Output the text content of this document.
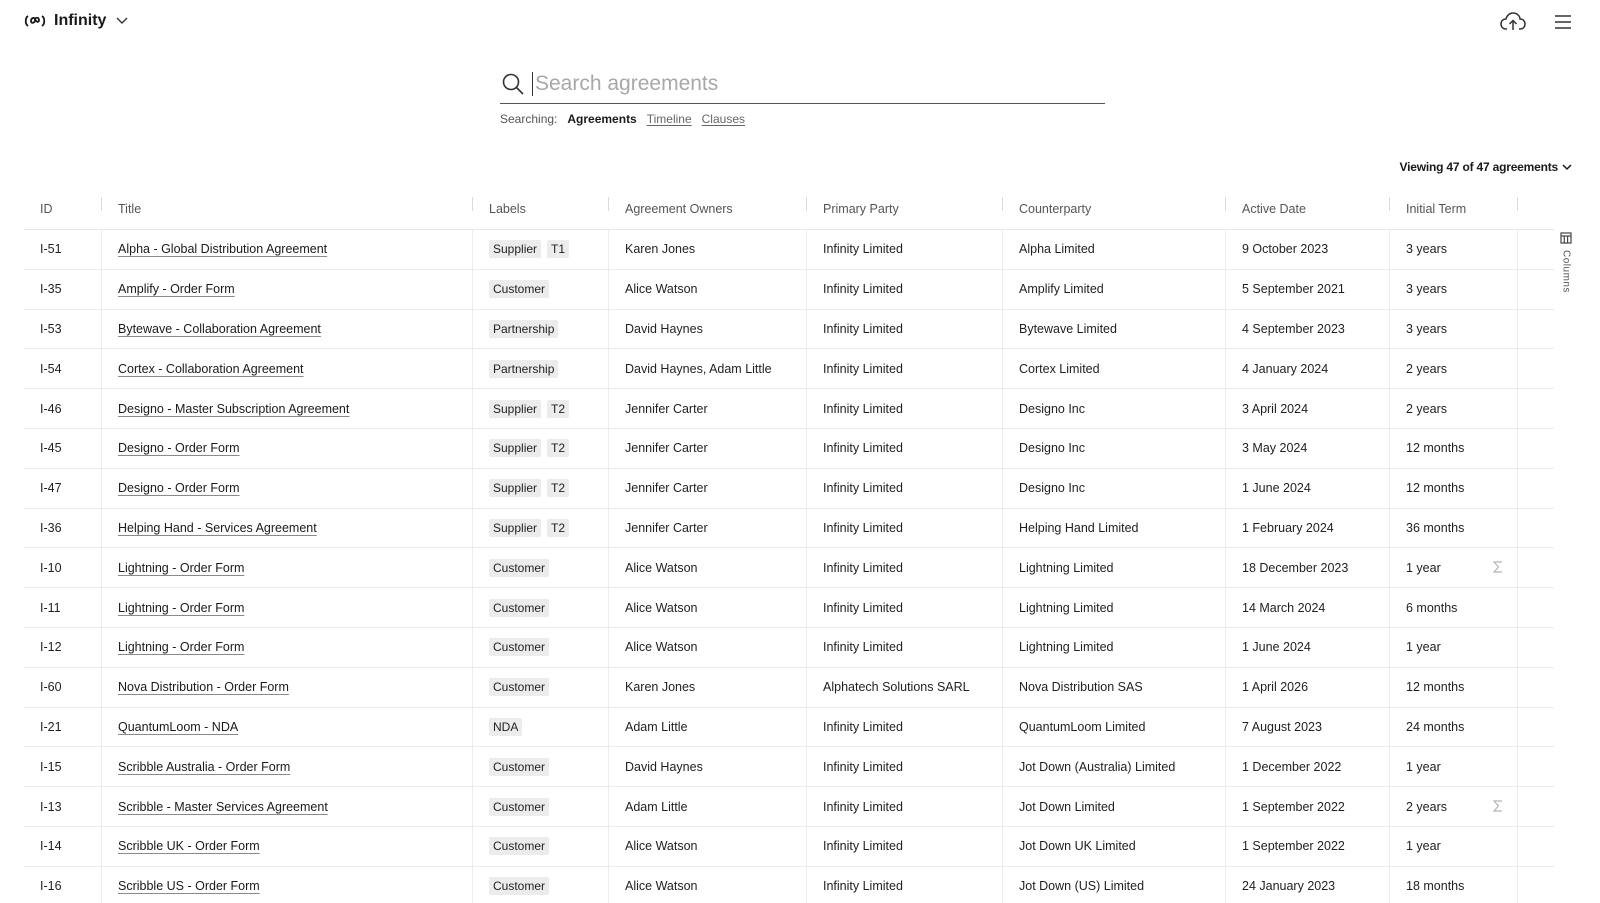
Infinity
Search agreements
Searching: Agreements Timeline Clauses
Viewing 47 of 47 agreements
ID	Title	Labels	Agreement Owners	Primary Party	Counterparty	Active Date	Initial Term
I-51	Alpha - Global Distribution Agreement	Supplier	T1	Karen Jones	Infinity Limited	Alpha Limited	9 October 2023	3 years
I-35	Amplify - Order Form	Customer	Alice Watson	Infinity Limited	Amplify Limited	5 September 2021	3 years
I-53	Bytewave - Collaboration Agreement	Partnership	David Haynes	Infinity Limited	Bytewave Limited	4 September 2023	3 years
I-54	Cortex - Collaboration Agreement	Partnership	David Haynes, Adam Little	Infinity Limited	Cortex Limited	4 January 2024	2 years
I-46	Designo - Master Subscription Agreement	Supplier	T2	Jennifer Carter	Infinity Limited	Designo Inc	3 April 2024	2 years
I-45	Designo - Order Form	Supplier	T2	Jennifer Carter	Infinity Limited	Designo Inc	3 May 2024	12 months
I-47	Designo - Order Form	Supplier	T2	Jennifer Carter	Infinity Limited	Designo Inc	1 June 2024	12 months
I-36	Helping Hand - Services Agreement	Supplier	T2	Jennifer Carter	Infinity Limited	Helping Hand Limited	1 February 2024	36 months
I-10	Lightning - Order Form	Customer	Alice Watson	Infinity Limited	Lightning Limited	18 December 2023	1 year
I-11	Lightning - Order Form	Customer	Alice Watson	Infinity Limited	Lightning Limited	14 March 2024	6 months
I-12	Lightning - Order Form	Customer	Alice Watson	Infinity Limited	Lightning Limited	1 June 2024	1 year
I-60	Nova Distribution - Order Form	Customer	Karen Jones	Alphatech Solutions SARL	Nova Distribution SAS	1 April 2026	12 months
I-21	QuantumLoom - NDA	NDA	Adam Little	Infinity Limited	QuantumLoom Limited	7 August 2023	24 months
I-15	Scribble Australia - Order Form	Customer	David Haynes	Infinity Limited	Jot Down (Australia) Limited	1 December 2022	1 year
I-13	Scribble - Master Services Agreement	Customer	Adam Little	Infinity Limited	Jot Down Limited	1 September 2022	2 years
I-14	Scribble UK - Order Form	Customer	Alice Watson	Infinity Limited	Jot Down UK Limited	1 September 2022	1 year
I-16	Scribble US - Order Form	Customer	Alice Watson	Infinity Limited	Jot Down (US) Limited	24 January 2023	18 months
Columns
